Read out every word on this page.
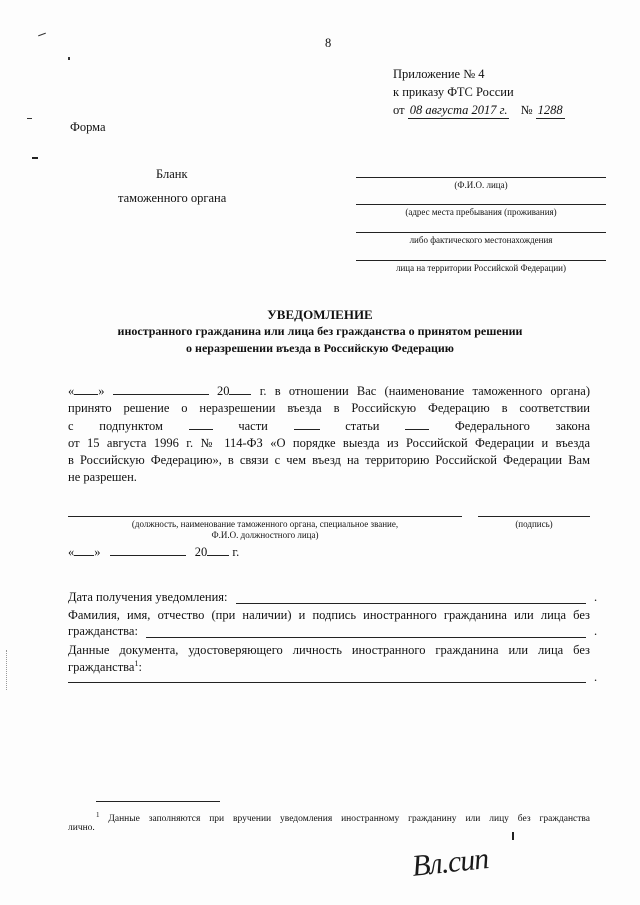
8
Приложение № 4
к приказу ФТС России
от 08 августа 2017 г. № 1288
Форма
Бланк
таможенного органа
(Ф.И.О. лица)
(адрес места пребывания (проживания)
либо фактического местонахождения
лица на территории Российской Федерации)
УВЕДОМЛЕНИЕ
иностранного гражданина или лица без гражданства о принятом решении
о неразрешении въезда в Российскую Федерацию
« »	20 г. в отношении Вас (наименование таможенного органа)
принято решение о неразрешении въезда в Российскую Федерацию в соответствии
с подпунктом	части	статьи	Федерального закона
от 15 августа 1996 г. № 114-ФЗ «О порядке выезда из Российской Федерации и въезда
в Российскую Федерацию», в связи с чем въезд на территорию Российской Федерации Вам
не разрешен.
(должность, наименование таможенного органа, специальное звание,
Ф.И.О. должностного лица)
(подпись)
« »	20 г.
Дата получения уведомления:	.
Фамилия, имя, отчество (при наличии) и подпись иностранного гражданина или лица без
гражданства:	.
Данные документа, удостоверяющего личность иностранного гражданина или лица без
гражданства$^1$:
.
$^1$ Данные заполняются при вручении уведомления иностранному гражданину или лицу без гражданства
лично.
Вл.сип
